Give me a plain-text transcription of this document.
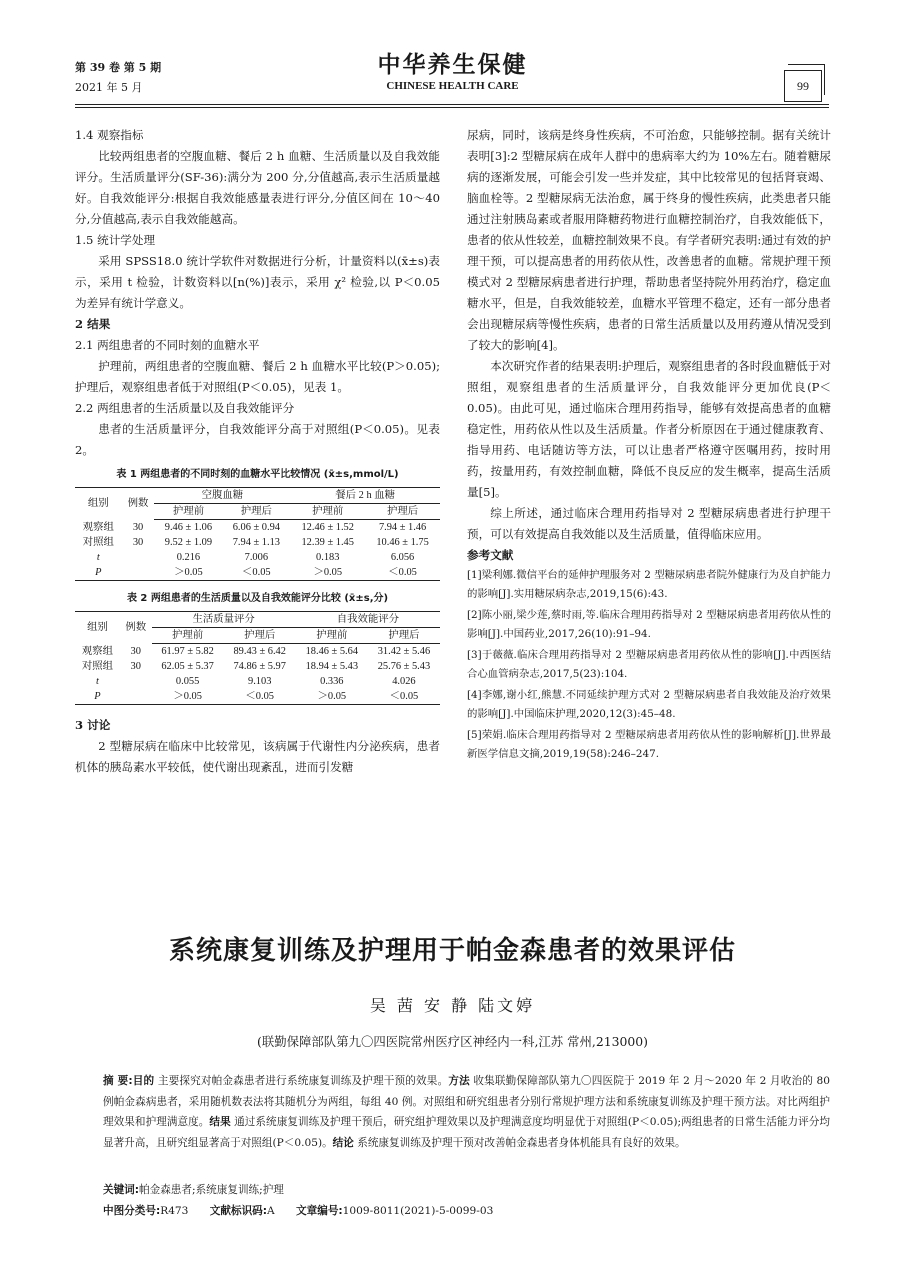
第 39 卷 第 5 期
2021 年 5 月
中华养生保健
CHINESE HEALTH CARE	99

1.4 观察指标

比较两组患者的空腹血糖、餐后 2 h 血糖、生活质量以及自我效能评分。生活质量评分(SF-36):满分为 200 分,分值越高,表示生活质量越好。自我效能评分:根据自我效能感量表进行评分,分值区间在 10～40 分,分值越高,表示自我效能越高。

1.5 统计学处理

采用 SPSS18.0 统计学软件对数据进行分析，计量资料以(x̄±s)表示，采用 t 检验，计数资料以[n(%)]表示，采用 χ² 检验,以 P＜0.05 为差异有统计学意义。

2 结果

2.1 两组患者的不同时刻的血糖水平

护理前，两组患者的空腹血糖、餐后 2 h 血糖水平比较(P＞0.05);护理后，观察组患者低于对照组(P＜0.05)，见表 1。

2.2 两组患者的生活质量以及自我效能评分

患者的生活质量评分，自我效能评分高于对照组(P＜0.05)。见表 2。

表 1 两组患者的不同时刻的血糖水平比较情况 (x̄±s,mmol/L)
组别	例数	空腹血糖		餐后 2 h 血糖	
		护理前	护理后	护理前	护理后
观察组	30	9.46 ± 1.06	6.06 ± 0.94	12.46 ± 1.52	7.94 ± 1.46
对照组	30	9.52 ± 1.09	7.94 ± 1.13	12.39 ± 1.45	10.46 ± 1.75
t		0.216	7.006	0.183	6.056
P		＞0.05	＜0.05	＞0.05	＜0.05
表 2 两组患者的生活质量以及自我效能评分比较 (x̄±s,分)
组别	例数	生活质量评分		自我效能评分	
		护理前	护理后	护理前	护理后
观察组	30	61.97 ± 5.82	89.43 ± 6.42	18.46 ± 5.64	31.42 ± 5.46
对照组	30	62.05 ± 5.37	74.86 ± 5.97	18.94 ± 5.43	25.76 ± 5.43
t		0.055	9.103	0.336	4.026
P		＞0.05	＜0.05	＞0.05	＜0.05

3 讨论

2 型糖尿病在临床中比较常见，该病属于代谢性内分泌疾病，患者机体的胰岛素水平较低，使代谢出现紊乱，进而引发糖

尿病，同时，该病是终身性疾病，不可治愈，只能够控制。据有关统计表明[3]:2 型糖尿病在成年人群中的患病率大约为 10%左右。随着糖尿病的逐渐发展，可能会引发一些并发症，其中比较常见的包括肾衰竭、脑血栓等。2 型糖尿病无法治愈，属于终身的慢性疾病，此类患者只能通过注射胰岛素或者服用降糖药物进行血糖控制治疗，自我效能低下，患者的依从性较差，血糖控制效果不良。有学者研究表明:通过有效的护理干预，可以提高患者的用药依从性，改善患者的血糖。常规护理干预模式对 2 型糖尿病患者进行护理，帮助患者坚持院外用药治疗，稳定血糖水平，但是，自我效能较差，血糖水平管理不稳定，还有一部分患者会出现糖尿病等慢性疾病，患者的日常生活质量以及用药遵从情况受到了较大的影响[4]。

本次研究作者的结果表明:护理后，观察组患者的各时段血糖低于对照组，观察组患者的生活质量评分，自我效能评分更加优良(P＜0.05)。由此可见，通过临床合理用药指导，能够有效提高患者的血糖稳定性，用药依从性以及生活质量。作者分析原因在于通过健康教育、指导用药、电话随访等方法，可以让患者严格遵守医嘱用药，按时用药，按量用药，有效控制血糖，降低不良反应的发生概率，提高生活质量[5]。

综上所述，通过临床合理用药指导对 2 型糖尿病患者进行护理干预，可以有效提高自我效能以及生活质量，值得临床应用。

参考文献

[1]梁利娜.微信平台的延伸护理服务对 2 型糖尿病患者院外健康行为及自护能力的影响[J].实用糖尿病杂志,2019,15(6):43.

[2]陈小丽,梁少莲,蔡时雨,等.临床合理用药指导对 2 型糖尿病患者用药依从性的影响[J].中国药业,2017,26(10):91–94.

[3]于薇薇.临床合理用药指导对 2 型糖尿病患者用药依从性的影响[J].中西医结合心血管病杂志,2017,5(23):104.

[4]李娜,谢小红,熊慧.不同延续护理方式对 2 型糖尿病患者自我效能及治疗效果的影响[J].中国临床护理,2020,12(3):45–48.

[5]荣娟.临床合理用药指导对 2 型糖尿病患者用药依从性的影响解析[J].世界最新医学信息文摘,2019,19(58):246–247.

系统康复训练及护理用于帕金森患者的效果评估
吴 茜 安 静 陆文婷
(联勤保障部队第九〇四医院常州医疗区神经内一科,江苏 常州,213000)
摘 要:目的 主要探究对帕金森患者进行系统康复训练及护理干预的效果。方法 收集联勤保障部队第九〇四医院于 2019 年 2 月～2020 年 2 月收治的 80 例帕金森病患者，采用随机数表法将其随机分为两组，每组 40 例。对照组和研究组患者分别行常规护理方法和系统康复训练及护理干预方法。对比两组护理效果和护理满意度。结果 通过系统康复训练及护理干预后，研究组护理效果以及护理满意度均明显优于对照组(P＜0.05);两组患者的日常生活能力评分均显著升高，且研究组显著高于对照组(P＜0.05)。结论 系统康复训练及护理干预对改善帕金森患者身体机能具有良好的效果。
关键词:帕金森患者;系统康复训练;护理
中图分类号:R473 文献标识码:A 文章编号:1009-8011(2021)-5-0099-03
